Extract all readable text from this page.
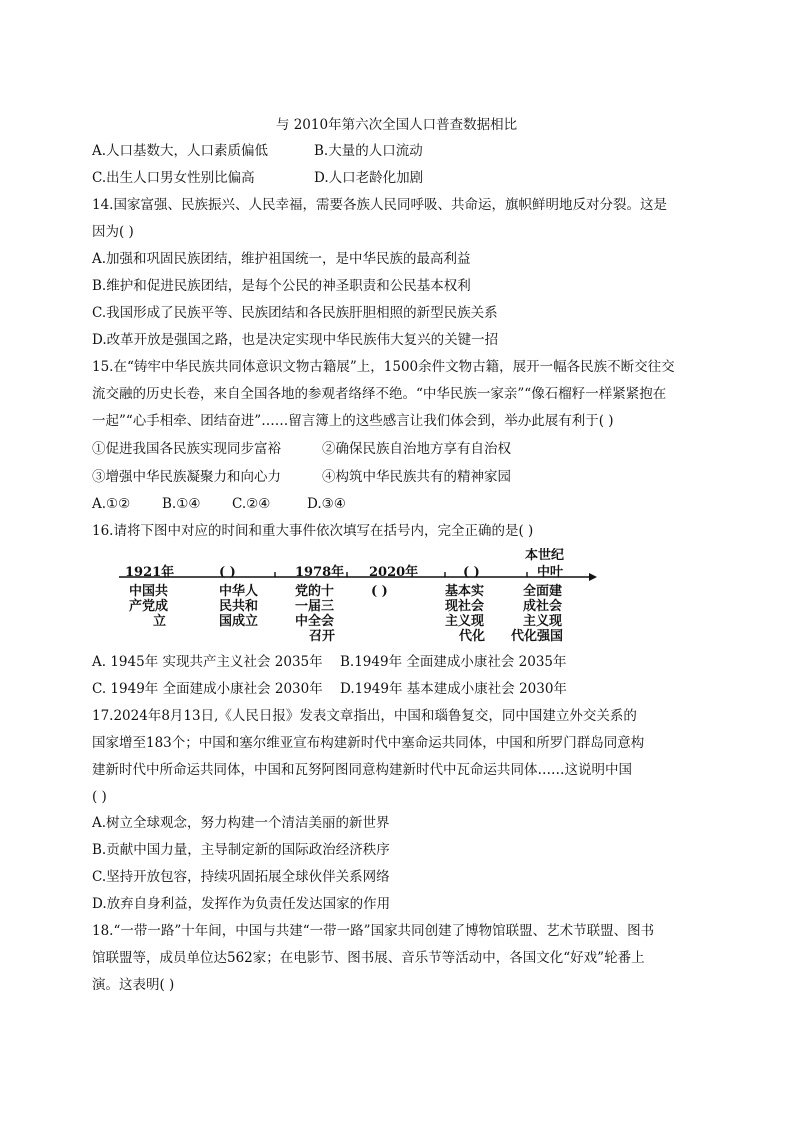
与 2010年第六次全国人口普查数据相比
A.人口基数大，人口素质偏低	B.大量的人口流动
C.出生人口男女性别比偏高	D.人口老龄化加剧
14.国家富强、民族振兴、人民幸福，需要各族人民同呼吸、共命运，旗帜鲜明地反对分裂。这是
因为( )
A.加强和巩固民族团结，维护祖国统一，是中华民族的最高利益
B.维护和促进民族团结，是每个公民的神圣职责和公民基本权利
C.我国形成了民族平等、民族团结和各民族肝胆相照的新型民族关系
D.改革开放是强国之路，也是决定实现中华民族伟大复兴的关键一招
15.在“铸牢中华民族共同体意识文物古籍展”上，1500余件文物古籍，展开一幅各民族不断交往交
流交融的历史长卷，来自全国各地的参观者络绎不绝。“中华民族一家亲”“像石榴籽一样紧紧抱在
一起”“心手相牵、团结奋进”……留言簿上的这些感言让我们体会到，举办此展有利于( )
①促进我国各民族实现同步富裕	②确保民族自治地方享有自治权
③增强中华民族凝聚力和向心力	④构筑中华民族共有的精神家园
A.①② B.①④ C.②④	D.③④
16.请将下图中对应的时间和重大事件依次填写在括号内，完全正确的是( )
1921年	( )	1978年 2020年	( )
本世纪
中叶
中国共
产党成
立
中华人
民共和
国成立
党的十
一届三
中全会
召开
( )	基本实
现社会
主义现
代化
全面建
成社会
主义现
代化强国
A. 1945年 实现共产主义社会 2035年 B.1949年 全面建成小康社会 2035年
C. 1949年 全面建成小康社会 2030年 D.1949年 基本建成小康社会 2030年
17.2024年8月13日,《人民日报》发表文章指出，中国和瑙鲁复交，同中国建立外交关系的
国家增至183个；中国和塞尔维亚宣布构建新时代中塞命运共同体，中国和所罗门群岛同意构
建新时代中所命运共同体，中国和瓦努阿图同意构建新时代中瓦命运共同体……这说明中国
( )
A.树立全球观念，努力构建一个清洁美丽的新世界
B.贡献中国力量，主导制定新的国际政治经济秩序
C.坚持开放包容，持续巩固拓展全球伙伴关系网络
D.放弃自身利益，发挥作为负责任发达国家的作用
18.“一带一路”十年间，中国与共建“一带一路”国家共同创建了博物馆联盟、艺术节联盟、图书
馆联盟等，成员单位达562家；在电影节、图书展、音乐节等活动中，各国文化“好戏”轮番上
演。这表明( )
